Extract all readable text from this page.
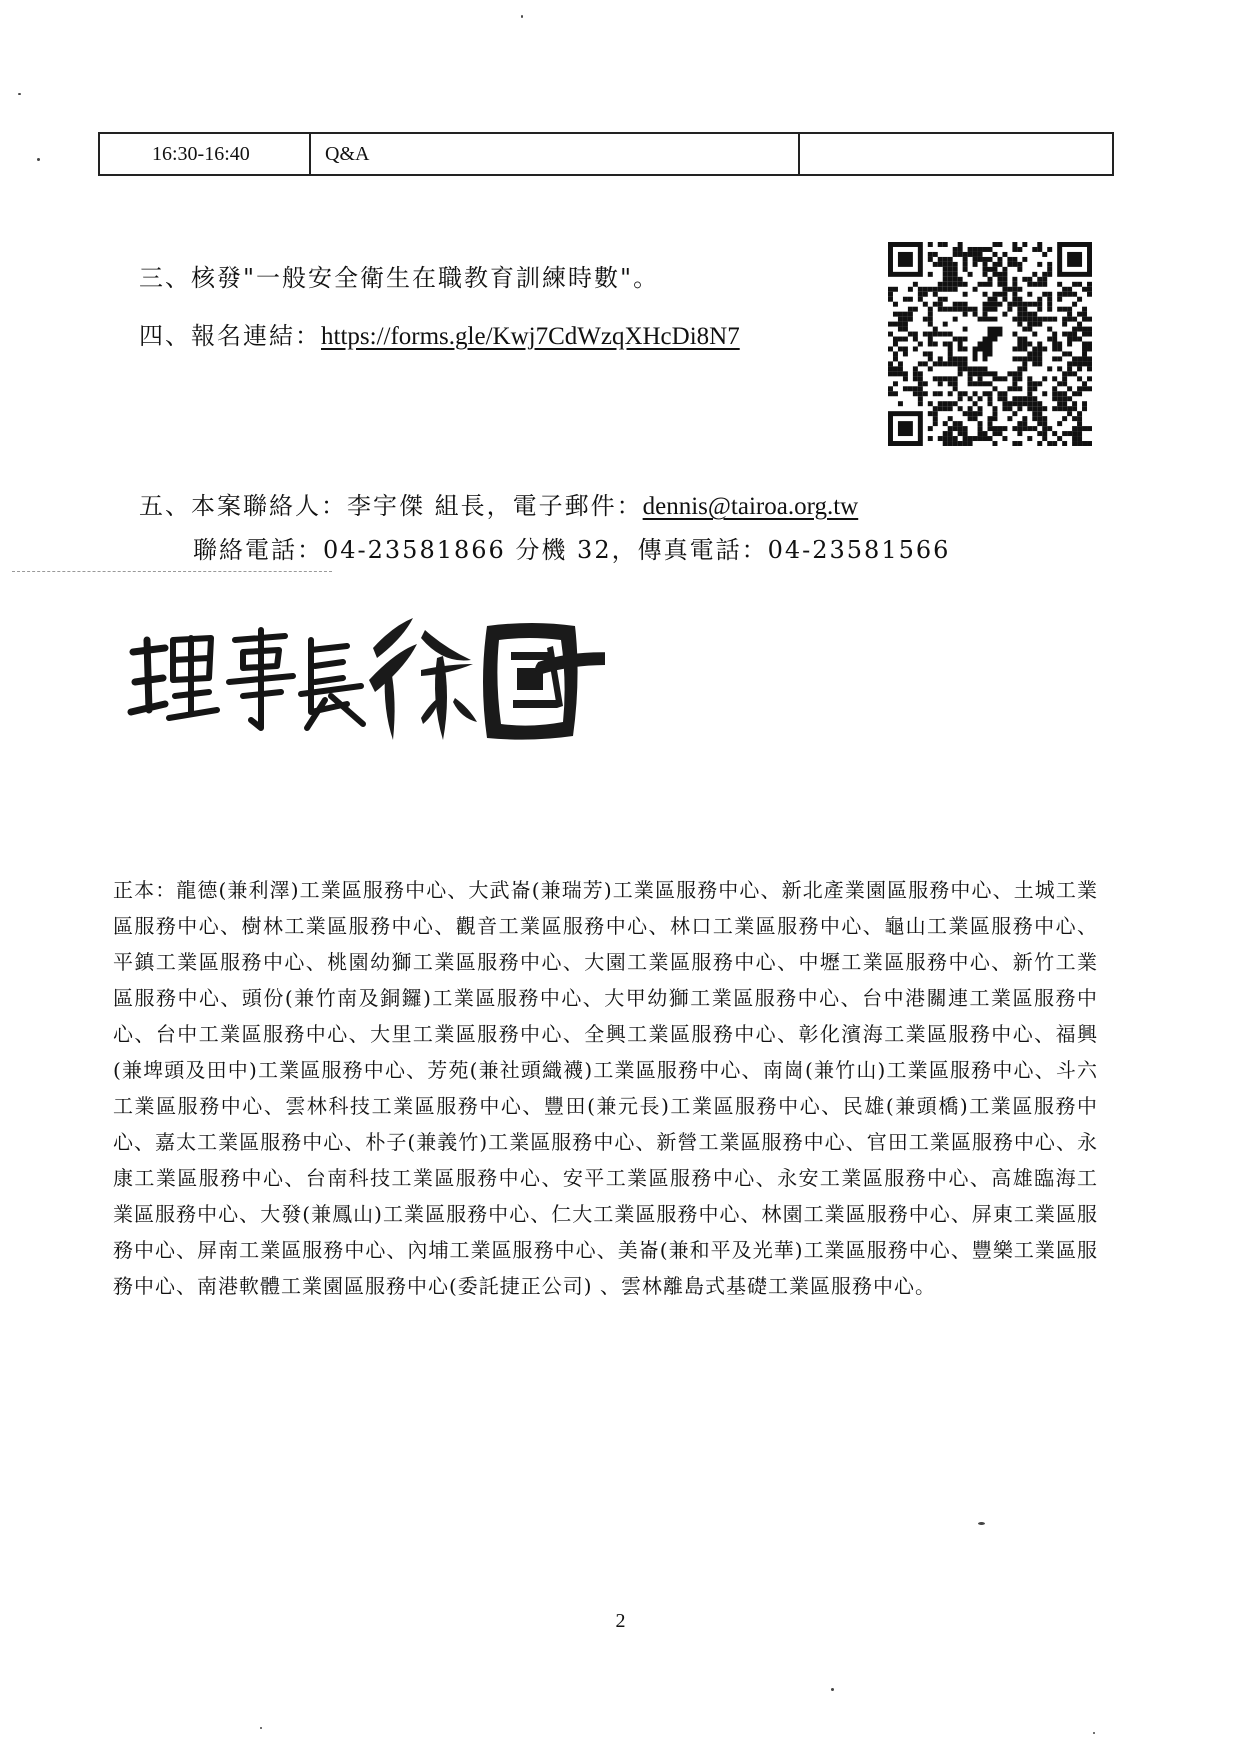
16:30-16:40	Q&A
三、核發"一般安全衛生在職教育訓練時數"。
四、報名連結：https://forms.gle/Kwj7CdWzqXHcDi8N7
五、本案聯絡人：李宇傑 組長，電子郵件：dennis@tairoa.org.tw
聯絡電話：04-23581866 分機 32，傳真電話：04-23581566
正本：龍德(兼利澤)工業區服務中心、大武崙(兼瑞芳)工業區服務中心、新北產業園區服務中心、土城工業區服務中心、樹林工業區服務中心、觀音工業區服務中心、林口工業區服務中心、龜山工業區服務中心、平鎮工業區服務中心、桃園幼獅工業區服務中心、大園工業區服務中心、中壢工業區服務中心、新竹工業區服務中心、頭份(兼竹南及銅鑼)工業區服務中心、大甲幼獅工業區服務中心、台中港關連工業區服務中心、台中工業區服務中心、大里工業區服務中心、全興工業區服務中心、彰化濱海工業區服務中心、福興(兼埤頭及田中)工業區服務中心、芳苑(兼社頭織襪)工業區服務中心、南崗(兼竹山)工業區服務中心、斗六工業區服務中心、雲林科技工業區服務中心、豐田(兼元長)工業區服務中心、民雄(兼頭橋)工業區服務中心、嘉太工業區服務中心、朴子(兼義竹)工業區服務中心、新營工業區服務中心、官田工業區服務中心、永康工業區服務中心、台南科技工業區服務中心、安平工業區服務中心、永安工業區服務中心、高雄臨海工業區服務中心、大發(兼鳳山)工業區服務中心、仁大工業區服務中心、林園工業區服務中心、屏東工業區服務中心、屏南工業區服務中心、內埔工業區服務中心、美崙(兼和平及光華)工業區服務中心、豐樂工業區服務中心、南港軟體工業園區服務中心(委託捷正公司) 、雲林離島式基礎工業區服務中心。
2
